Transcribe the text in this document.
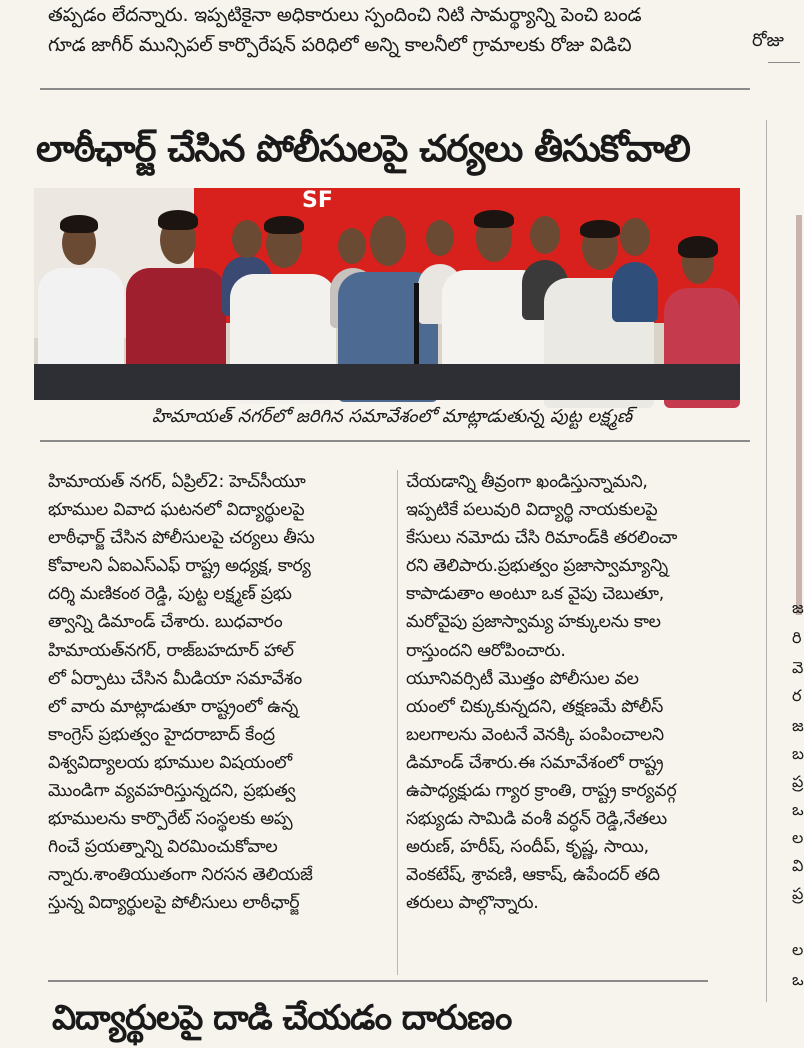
తప్పడం లేదన్నారు. ఇప్పటికైనా అధికారులు స్పందించి నిటి సామర్థ్యాన్ని పెంచి బండ

గూడ జాగీర్ మున్సిపల్ కార్పొరేషన్ పరిధిలో అన్ని కాలనీలో గ్రామాలకు రోజు విడిచి	రోజు
లాఠీఛార్జ్ చేసిన పోలీసులపై చర్యలు తీసుకోవాలి
SF
హిమాయత్ నగర్‌లో జరిగిన సమావేశంలో మాట్లాడుతున్న పుట్ట లక్ష్మణ్

హిమాయత్ నగర్, ఏప్రిల్2: హెచ్‌సీయూ

భూముల వివాద ఘటనలో విద్యార్థులపై

లాఠీఛార్జ్ చేసిన పోలీసులపై చర్యలు తీసు

కోవాలని ఏఐఎస్ఎఫ్ రాష్ట్ర అధ్యక్ష, కార్య

దర్శి మణికంఠ రెడ్డి, పుట్ట లక్ష్మణ్ ప్రభు

త్వాన్ని డిమాండ్ చేశారు. బుధవారం

హిమాయత్‌నగర్, రాజ్‌బహదూర్ హాల్

లో ఏర్పాటు చేసిన మీడియా సమావేశం

లో వారు మాట్లాడుతూ రాష్ట్రంలో ఉన్న

కాంగ్రెస్ ప్రభుత్వం హైదరాబాద్ కేంద్ర

విశ్వవిద్యాలయ భూముల విషయంలో

మొండిగా వ్యవహరిస్తున్నదని, ప్రభుత్వ

భూములను కార్పొరేట్ సంస్థలకు అప్ప

గించే ప్రయత్నాన్ని విరమించుకోవాల

న్నారు.శాంతియుతంగా నిరసన తెలియజే

స్తున్న విద్యార్థులపై పోలీసులు లాఠీఛార్జ్

చేయడాన్ని తీవ్రంగా ఖండిస్తున్నామని,

ఇప్పటికే పలువురి విద్యార్థి నాయకులపై

కేసులు నమోదు చేసి రిమాండ్‌కి తరలించా

రని తెలిపారు.ప్రభుత్వం ప్రజాస్వామ్యాన్ని

కాపాడుతాం అంటూ ఒక వైపు చెబుతూ,

మరోవైపు ప్రజాస్వామ్య హక్కులను కాల

రాస్తుందని ఆరోపించారు.

యూనివర్సిటీ మొత్తం పోలీసుల వల

యంలో చిక్కుకున్నదని, తక్షణమే పోలీస్

బలగాలను వెంటనే వెనక్కి పంపించాలని

డిమాండ్ చేశారు.ఈ సమావేశంలో రాష్ట్ర

ఉపాధ్యక్షుడు గ్యార క్రాంతి, రాష్ట్ర కార్యవర్గ

సభ్యుడు సామిడి వంశీ వర్ధన్ రెడ్డి,నేతలు

అరుణ్, హరీష్, సందీప్, కృష్ణ, సాయి,

వెంకటేష్, శ్రావణి, ఆకాష్, ఉపేందర్ తది

తరులు పాల్గొన్నారు.

జ
రి
వె
ర
జ
బ
ప్ర
ఒ
ల
వి
ప్ర
ల
ఒ
విద్యార్థులపై దాడి చేయడం దారుణం
